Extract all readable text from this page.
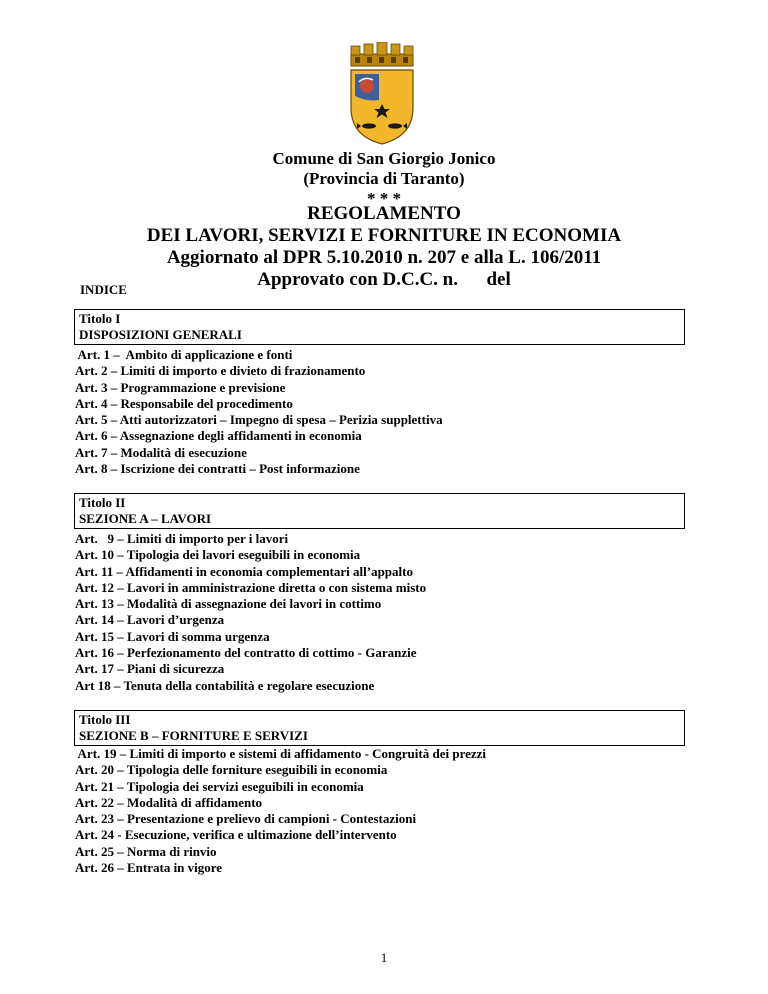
Comune di San Giorgio Jonico
(Provincia di Taranto)
* * *
REGOLAMENTO
DEI LAVORI, SERVIZI E FORNITURE IN ECONOMIA
Aggiornato al DPR 5.10.2010 n. 207 e alla L. 106/2011
Approvato con D.C.C. n.      del
INDICE
Titolo I
DISPOSIZIONI GENERALI
Art. 1 –  Ambito di applicazione e fonti
Art. 2 – Limiti di importo e divieto di frazionamento
Art. 3 – Programmazione e previsione
Art. 4 – Responsabile del procedimento
Art. 5 – Atti autorizzatori – Impegno di spesa – Perizia supplettiva
Art. 6 – Assegnazione degli affidamenti in economia
Art. 7 – Modalità di esecuzione
Art. 8 – Iscrizione dei contratti – Post informazione
Titolo II
SEZIONE A – LAVORI
Art.   9 – Limiti di importo per i lavori
Art. 10 – Tipologia dei lavori eseguibili in economia
Art. 11 – Affidamenti in economia complementari all’appalto
Art. 12 – Lavori in amministrazione diretta o con sistema misto
Art. 13 – Modalità di assegnazione dei lavori in cottimo
Art. 14 – Lavori d’urgenza
Art. 15 – Lavori di somma urgenza
Art. 16 – Perfezionamento del contratto di cottimo - Garanzie
Art. 17 – Piani di sicurezza
Art 18 – Tenuta della contabilità e regolare esecuzione
Titolo III
SEZIONE B – FORNITURE E SERVIZI
Art. 19 – Limiti di importo e sistemi di affidamento - Congruità dei prezzi
Art. 20 – Tipologia delle forniture eseguibili in economia
Art. 21 – Tipologia dei servizi eseguibili in economia
Art. 22 – Modalità di affidamento
Art. 23 – Presentazione e prelievo di campioni - Contestazioni
Art. 24 - Esecuzione, verifica e ultimazione dell’intervento
Art. 25 – Norma di rinvio
Art. 26 – Entrata in vigore
1
